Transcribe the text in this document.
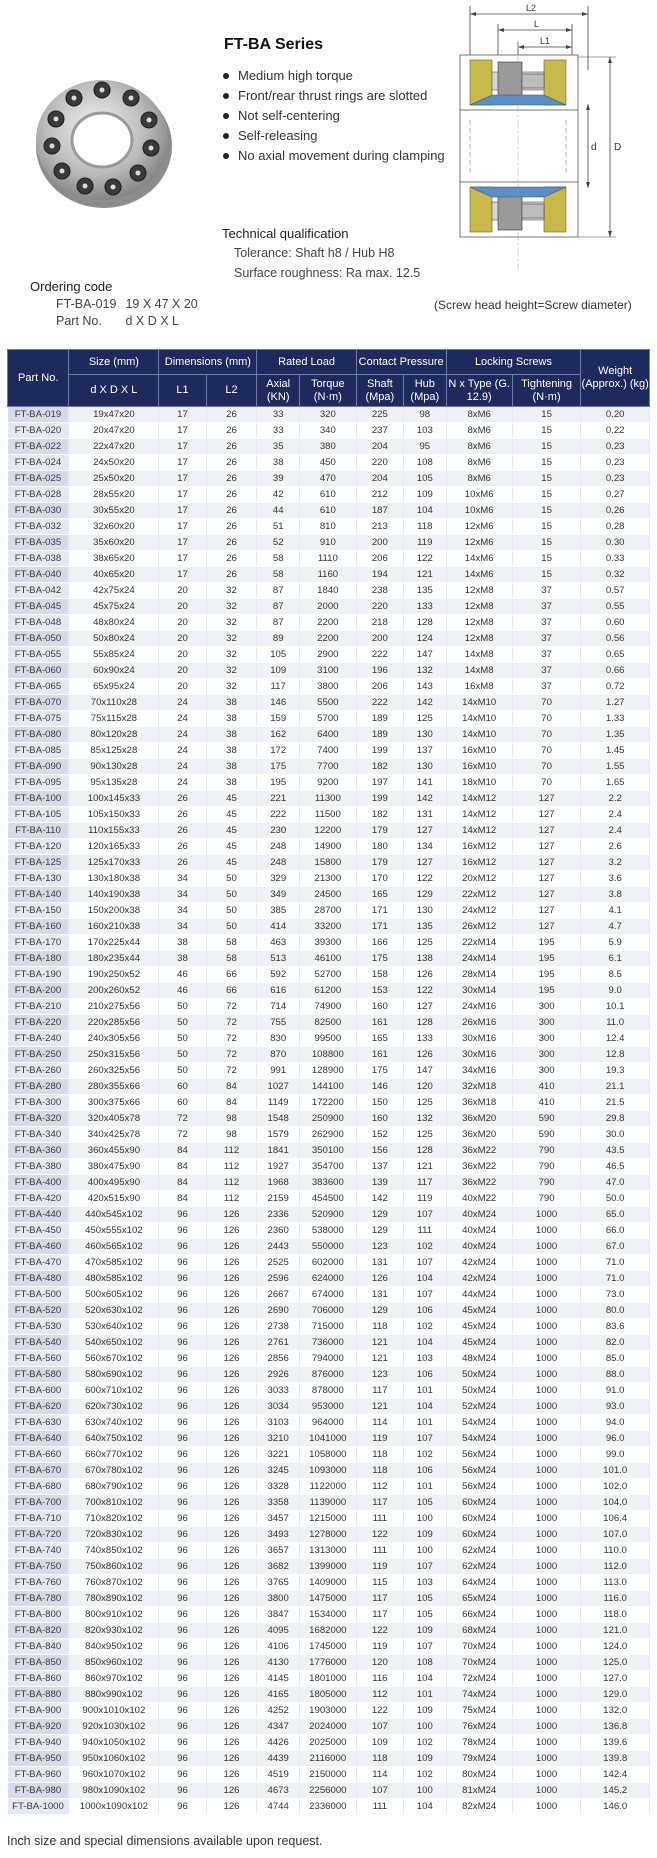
FT-BA Series
Medium high torque
Front/rear thrust rings are slotted
Not self-centering
Self-releasing
No axial movement during clamping
Technical qualification
Tolerance: Shaft h8 / Hub H8
Surface roughness: Ra max. 12.5
Ordering code
FT-BA-019 19 X 47 X 20
Part No. d X D X L
(Screw head height=Screw diameter)
L2
L
L1
D
d
Part No.	Size (mm)	Dimensions (mm)		Rated Load		Contact Pressure		Locking Screws		Weight (Approx.) (kg)
	d X D X L	L1	L2	Axial (KN)	Torque (N·m)	Shaft (Mpa)	Hub (Mpa)	N x Type (G. 12.9)	Tightening (N·m)	
FT-BA-019	19x47x20	17	26	33	320	225	98	8xM6	15	0.20
FT-BA-020	20x47x20	17	26	33	340	237	103	8xM6	15	0.22
FT-BA-022	22x47x20	17	26	35	380	204	95	8xM6	15	0.23
FT-BA-024	24x50x20	17	26	38	450	220	108	8xM6	15	0.23
FT-BA-025	25x50x20	17	26	39	470	204	105	8xM6	15	0.23
FT-BA-028	28x55x20	17	26	42	610	212	109	10xM6	15	0.27
FT-BA-030	30x55x20	17	26	44	610	187	104	10xM6	15	0.26
FT-BA-032	32x60x20	17	26	51	810	213	118	12xM6	15	0.28
FT-BA-035	35x60x20	17	26	52	910	200	119	12xM6	15	0.30
FT-BA-038	38x65x20	17	26	58	1110	206	122	14xM6	15	0.33
FT-BA-040	40x65x20	17	26	58	1160	194	121	14xM6	15	0.32
FT-BA-042	42x75x24	20	32	87	1840	238	135	12xM8	37	0.57
FT-BA-045	45x75x24	20	32	87	2000	220	133	12xM8	37	0.55
FT-BA-048	48x80x24	20	32	87	2200	218	128	12xM8	37	0.60
FT-BA-050	50x80x24	20	32	89	2200	200	124	12xM8	37	0.56
FT-BA-055	55x85x24	20	32	105	2900	222	147	14xM8	37	0.65
FT-BA-060	60x90x24	20	32	109	3100	196	132	14xM8	37	0.66
FT-BA-065	65x95x24	20	32	117	3800	206	143	16xM8	37	0.72
FT-BA-070	70x110x28	24	38	146	5500	222	142	14xM10	70	1.27
FT-BA-075	75x115x28	24	38	159	5700	189	125	14xM10	70	1.33
FT-BA-080	80x120x28	24	38	162	6400	189	130	14xM10	70	1.35
FT-BA-085	85x125x28	24	38	172	7400	199	137	16xM10	70	1.45
FT-BA-090	90x130x28	24	38	175	7700	182	130	16xM10	70	1.55
FT-BA-095	95x135x28	24	38	195	9200	197	141	18xM10	70	1.65
FT-BA-100	100x145x33	26	45	221	11300	199	142	14xM12	127	2.2
FT-BA-105	105x150x33	26	45	222	11500	182	131	14xM12	127	2.4
FT-BA-110	110x155x33	26	45	230	12200	179	127	14xM12	127	2.4
FT-BA-120	120x165x33	26	45	248	14900	180	134	16xM12	127	2.6
FT-BA-125	125x170x33	26	45	248	15800	179	127	16xM12	127	3.2
FT-BA-130	130x180x38	34	50	329	21300	170	122	20xM12	127	3.6
FT-BA-140	140x190x38	34	50	349	24500	165	129	22xM12	127	3.8
FT-BA-150	150x200x38	34	50	385	28700	171	130	24xM12	127	4.1
FT-BA-160	160x210x38	34	50	414	33200	171	135	26xM12	127	4.7
FT-BA-170	170x225x44	38	58	463	39300	166	125	22xM14	195	5.9
FT-BA-180	180x235x44	38	58	513	46100	175	138	24xM14	195	6.1
FT-BA-190	190x250x52	46	66	592	52700	158	126	28xM14	195	8.5
FT-BA-200	200x260x52	46	66	616	61200	153	122	30xM14	195	9.0
FT-BA-210	210x275x56	50	72	714	74900	160	127	24xM16	300	10.1
FT-BA-220	220x285x56	50	72	755	82500	161	128	26xM16	300	11.0
FT-BA-240	240x305x56	50	72	830	99500	165	133	30xM16	300	12.4
FT-BA-250	250x315x56	50	72	870	108800	161	126	30xM16	300	12.8
FT-BA-260	260x325x56	50	72	991	128900	175	147	34xM16	300	19.3
FT-BA-280	280x355x66	60	84	1027	144100	146	120	32xM18	410	21.1
FT-BA-300	300x375x66	60	84	1149	172200	150	125	36xM18	410	21.5
FT-BA-320	320x405x78	72	98	1548	250900	160	132	36xM20	590	29.8
FT-BA-340	340x425x78	72	98	1579	262900	152	125	36xM20	590	30.0
FT-BA-360	360x455x90	84	112	1841	350100	156	128	36xM22	790	43.5
FT-BA-380	380x475x90	84	112	1927	354700	137	121	36xM22	790	46.5
FT-BA-400	400x495x90	84	112	1968	383600	139	117	36xM22	790	47.0
FT-BA-420	420x515x90	84	112	2159	454500	142	119	40xM22	790	50.0
FT-BA-440	440x545x102	96	126	2336	520900	129	107	40xM24	1000	65.0
FT-BA-450	450x555x102	96	126	2360	538000	129	111	40xM24	1000	66.0
FT-BA-460	460x565x102	96	126	2443	550000	123	102	40xM24	1000	67.0
FT-BA-470	470x585x102	96	126	2525	602000	131	107	42xM24	1000	71.0
FT-BA-480	480x585x102	96	126	2596	624000	126	104	42xM24	1000	71.0
FT-BA-500	500x605x102	96	126	2667	674000	131	107	44xM24	1000	73.0
FT-BA-520	520x630x102	96	126	2690	706000	129	106	45xM24	1000	80.0
FT-BA-530	530x640x102	96	126	2738	715000	118	102	45xM24	1000	83.6
FT-BA-540	540x650x102	96	126	2761	736000	121	104	45xM24	1000	82.0
FT-BA-560	560x670x102	96	126	2856	794000	121	103	48xM24	1000	85.0
FT-BA-580	580x690x102	96	126	2926	876000	123	106	50xM24	1000	88.0
FT-BA-600	600x710x102	96	126	3033	878000	117	101	50xM24	1000	91.0
FT-BA-620	620x730x102	96	126	3034	953000	121	104	52xM24	1000	93.0
FT-BA-630	630x740x102	96	126	3103	964000	114	101	54xM24	1000	94.0
FT-BA-640	640x750x102	96	126	3210	1041000	119	107	54xM24	1000	96.0
FT-BA-660	660x770x102	96	126	3221	1058000	118	102	56xM24	1000	99.0
FT-BA-670	670x780x102	96	126	3245	1093000	118	106	56xM24	1000	101.0
FT-BA-680	680x790x102	96	126	3328	1122000	112	101	56xM24	1000	102.0
FT-BA-700	700x810x102	96	126	3358	1139000	117	105	60xM24	1000	104.0
FT-BA-710	710x820x102	96	126	3457	1215000	111	100	60xM24	1000	106.4
FT-BA-720	720x830x102	96	126	3493	1278000	122	109	60xM24	1000	107.0
FT-BA-740	740x850x102	96	126	3657	1313000	111	100	62xM24	1000	110.0
FT-BA-750	750x860x102	96	126	3682	1399000	119	107	62xM24	1000	112.0
FT-BA-760	760x870x102	96	126	3765	1409000	115	103	64xM24	1000	113.0
FT-BA-780	780x890x102	96	126	3800	1475000	117	105	65xM24	1000	116.0
FT-BA-800	800x910x102	96	126	3847	1534000	117	105	66xM24	1000	118.0
FT-BA-820	820x930x102	96	126	4095	1682000	122	109	68xM24	1000	121.0
FT-BA-840	840x950x102	96	126	4106	1745000	119	107	70xM24	1000	124.0
FT-BA-850	850x960x102	96	126	4130	1776000	120	108	70xM24	1000	125.0
FT-BA-860	860x970x102	96	126	4145	1801000	116	104	72xM24	1000	127.0
FT-BA-880	880x990x102	96	126	4165	1805000	112	101	74xM24	1000	129.0
FT-BA-900	900x1010x102	96	126	4252	1903000	122	109	75xM24	1000	132.0
FT-BA-920	920x1030x102	96	126	4347	2024000	107	100	76xM24	1000	136.8
FT-BA-940	940x1050x102	96	126	4426	2025000	109	102	78xM24	1000	139.6
FT-BA-950	950x1060x102	96	126	4439	2116000	118	109	79xM24	1000	139.8
FT-BA-960	960x1070x102	96	126	4519	2150000	114	102	80xM24	1000	142.4
FT-BA-980	980x1090x102	96	126	4673	2256000	107	100	81xM24	1000	145.2
FT-BA-1000	1000x1090x102	96	126	4744	2336000	111	104	82xM24	1000	146.0
Inch size and special dimensions available upon request.
